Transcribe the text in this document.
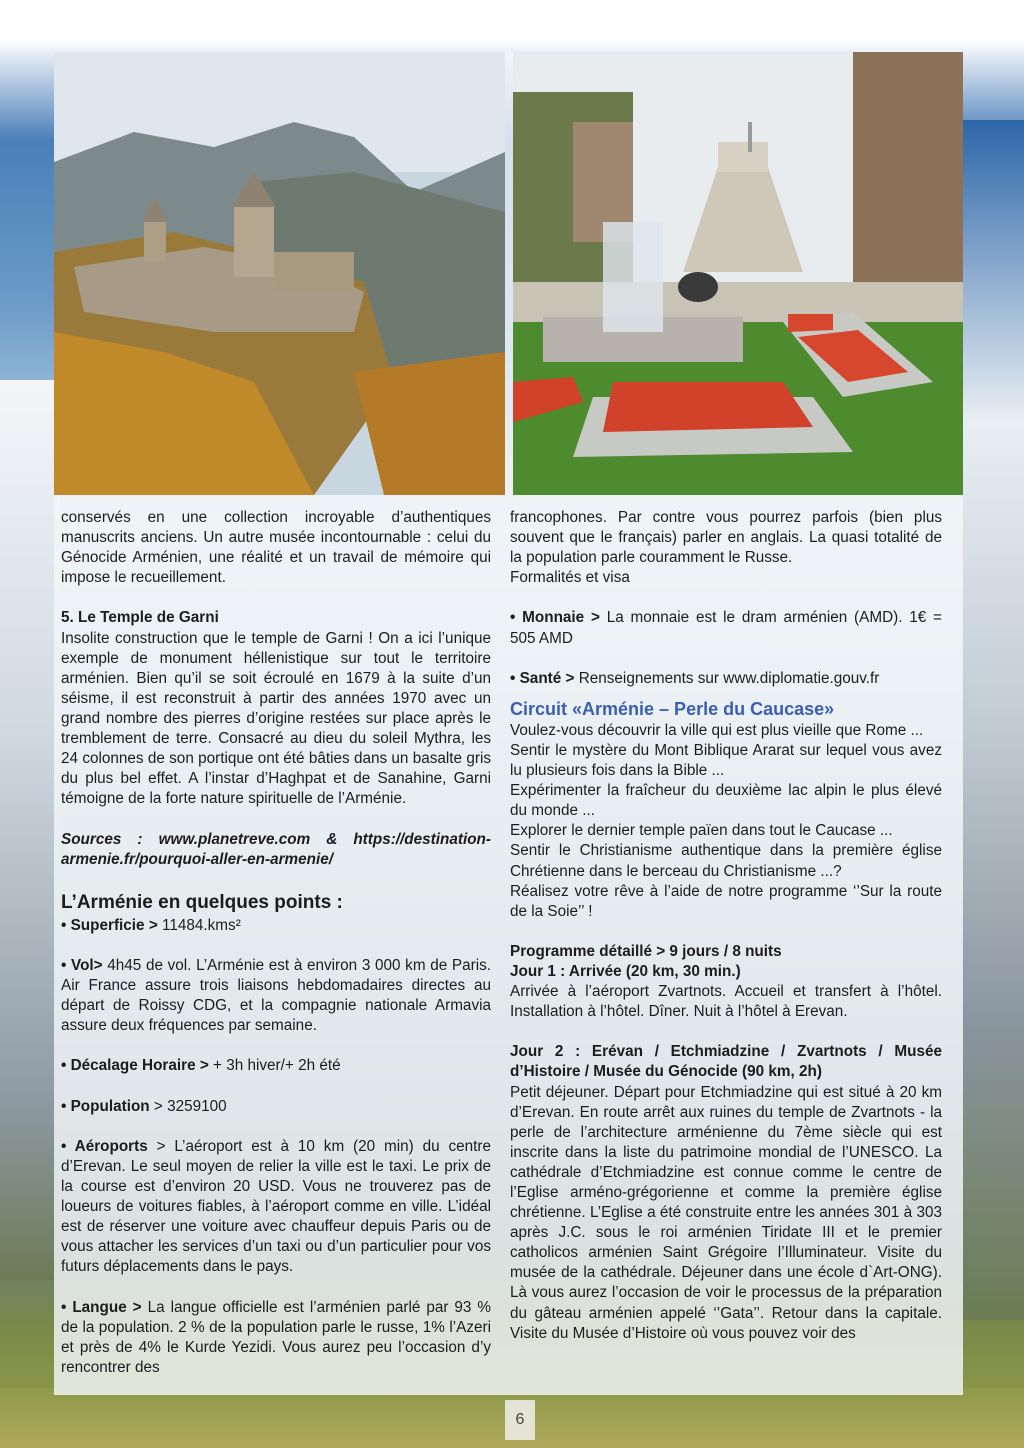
conservés en une collection incroyable d’authentiques manuscrits anciens. Un autre musée incontournable : celui du Génocide Arménien, une réalité et un travail de mémoire qui impose le recueillement.

5. Le Temple de Garni

Insolite construction que le temple de Garni ! On a ici l’unique exemple de monument héllenistique sur tout le territoire arménien. Bien qu’il se soit écroulé en 1679 à la suite d’un séisme, il est reconstruit à partir des années 1970 avec un grand nombre des pierres d’origine restées sur place après le tremblement de terre. Consacré au dieu du soleil Mythra, les 24 colonnes de son portique ont été bâties dans un basalte gris du plus bel effet. A l’instar d’Haghpat et de Sanahine, Garni témoigne de la forte nature spirituelle de l’Arménie.

Sources : www.planetreve.com & https://destination-armenie.fr/pourquoi-aller-en-armenie/

L’Arménie en quelques points :

• Superficie > 11484.kms²

• Vol> 4h45 de vol. L’Arménie est à environ 3 000 km de Paris. Air France assure trois liaisons hebdomadaires directes au départ de Roissy CDG, et la compagnie nationale Armavia assure deux fréquences par semaine.

• Décalage Horaire > + 3h hiver/+ 2h été

• Population > 3259100

• Aéroports > L’aéroport est à 10 km (20 min) du centre d’Erevan. Le seul moyen de relier la ville est le taxi. Le prix de la course est d’environ 20 USD. Vous ne trouverez pas de loueurs de voitures fiables, à l’aéroport comme en ville. L’idéal est de réserver une voiture avec chauffeur depuis Paris ou de vous attacher les services d’un taxi ou d’un particulier pour vos futurs déplacements dans le pays.

• Langue > La langue officielle est l’arménien parlé par 93 % de la population. 2 % de la population parle le russe, 1% l’Azeri et près de 4% le Kurde Yezidi. Vous aurez peu l’occasion d’y rencontrer des

francophones. Par contre vous pourrez parfois (bien plus souvent que le français) parler en anglais. La quasi totalité de la population parle couramment le Russe.

Formalités et visa

• Monnaie > La monnaie est le dram arménien (AMD). 1€ = 505 AMD

• Santé > Renseignements sur www.diplomatie.gouv.fr

Circuit «Arménie – Perle du Caucase»

Voulez-vous découvrir la ville qui est plus vieille que Rome ...

Sentir le mystère du Mont Biblique Ararat sur lequel vous avez lu plusieurs fois dans la Bible ...

Expérimenter la fraîcheur du deuxième lac alpin le plus élevé du monde ...

Explorer le dernier temple païen dans tout le Caucase ...

Sentir le Christianisme authentique dans la première église Chrétienne dans le berceau du Christianisme ...?

Réalisez votre rêve à l’aide de notre programme ‘’Sur la route de la Soie’’ !

Programme détaillé > 9 jours / 8 nuits

Jour 1 : Arrivée (20 km, 30 min.)

Arrivée à l’aéroport Zvartnots. Accueil et transfert à l’hôtel. Installation à l’hôtel. Dîner. Nuit à l’hôtel à Erevan.

Jour 2 : Erévan / Etchmiadzine / Zvartnots / Musée d’Histoire / Musée du Génocide (90 km, 2h)

Petit déjeuner. Départ pour Etchmiadzine qui est situé à 20 km d’Erevan. En route arrêt aux ruines du temple de Zvartnots - la perle de l’architecture arménienne du 7ème siècle qui est inscrite dans la liste du patrimoine mondial de l’UNESCO. La cathédrale d’Etchmiadzine est connue comme le centre de l’Eglise arméno-grégorienne et comme la première église chrétienne. L’Eglise a été construite entre les années 301 à 303 après J.C. sous le roi arménien Tiridate III et le premier catholicos arménien Saint Grégoire l’Illuminateur. Visite du musée de la cathédrale. Déjeuner dans une école d`Art-ONG). Là vous aurez l’occasion de voir le processus de la préparation du gâteau arménien appelé ‘’Gata’’. Retour dans la capitale. Visite du Musée d’Histoire où vous pouvez voir des

6
